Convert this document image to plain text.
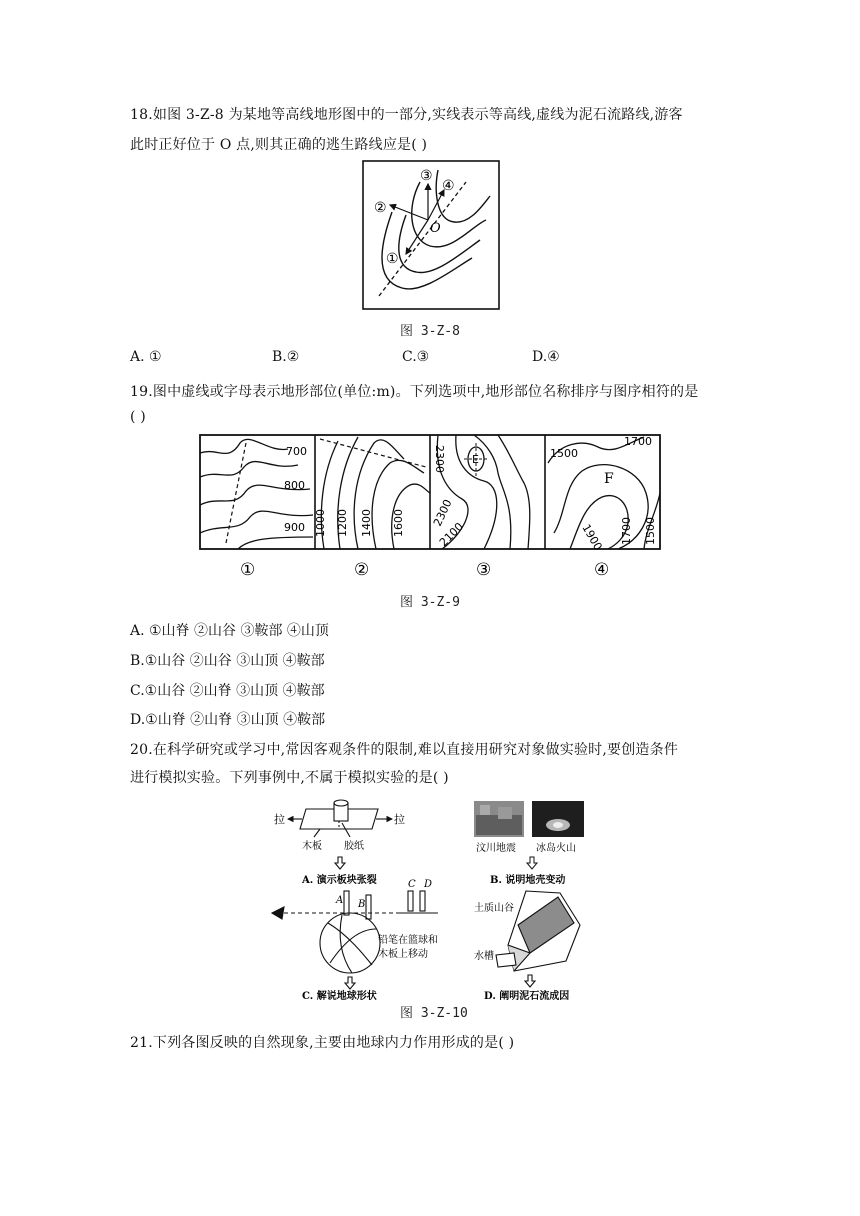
18.如图 3-Z-8 为某地等高线地形图中的一部分,实线表示等高线,虚线为泥石流路线,游客
此时正好位于 O 点,则其正确的逃生路线应是( )
O
①
②
③
④
图 3-Z-8
A. ①	B.②	C.③	D.④
19.图中虚线或字母表示地形部位(单位:m)。下列选项中,地形部位名称排序与图序相符的是
( )
700
800
900 1000 1200 1400 1600
2300 E
2300
2100
1700
1500
F
1900 1700 1500
①	②	③	④
图 3-Z-9
A. ①山脊 ②山谷 ③鞍部 ④山顶
B.①山谷 ②山谷 ③山顶 ④鞍部
C.①山谷 ②山脊 ③山顶 ④鞍部
D.①山脊 ②山脊 ③山顶 ④鞍部
20.在科学研究或学习中,常因客观条件的限制,难以直接用研究对象做实验时,要创造条件
进行模拟实验。下列事例中,不属于模拟实验的是( )
拉	拉
木板 胶纸
A. 演示板块张裂
汶川地震 冰岛火山
B. 说明地壳变动
A B
C D
铅笔在篮球和
木板上移动
C. 解说地球形状
土质山谷
水槽
D. 阐明泥石流成因
图 3-Z-10
21.下列各图反映的自然现象,主要由地球内力作用形成的是( )
